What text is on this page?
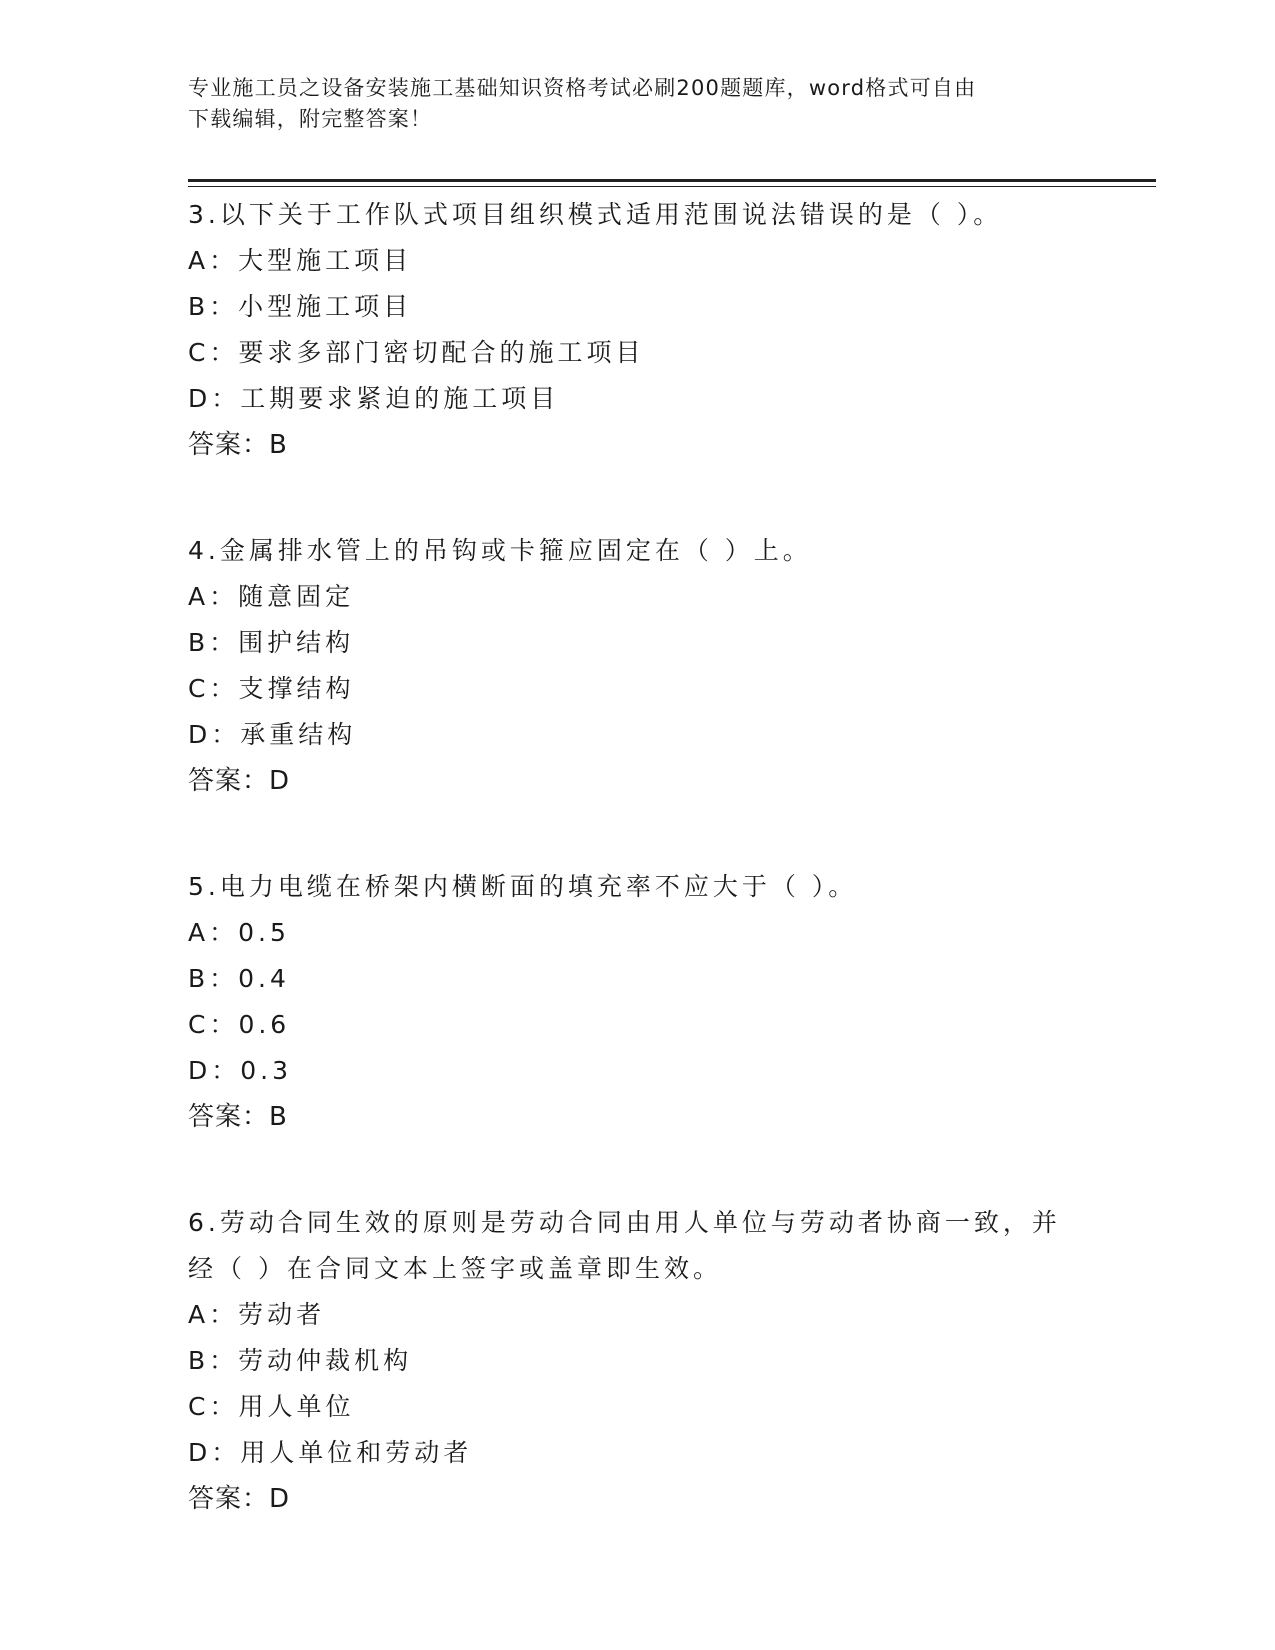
专业施工员之设备安装施工基础知识资格考试必刷200题题库，word格式可自由
下载编辑，附完整答案！
3.以下关于工作队式项目组织模式适用范围说法错误的是（ ）。
A：大型施工项目
B：小型施工项目
C：要求多部门密切配合的施工项目
D：工期要求紧迫的施工项目
答案：B
4.金属排水管上的吊钩或卡箍应固定在（ ）上。
A：随意固定
B：围护结构
C：支撑结构
D：承重结构
答案：D
5.电力电缆在桥架内横断面的填充率不应大于（ ）。
A：0.5
B：0.4
C：0.6
D：0.3
答案：B
6.劳动合同生效的原则是劳动合同由用人单位与劳动者协商一致，并
经（ ）在合同文本上签字或盖章即生效。
A：劳动者
B：劳动仲裁机构
C：用人单位
D：用人单位和劳动者
答案：D
